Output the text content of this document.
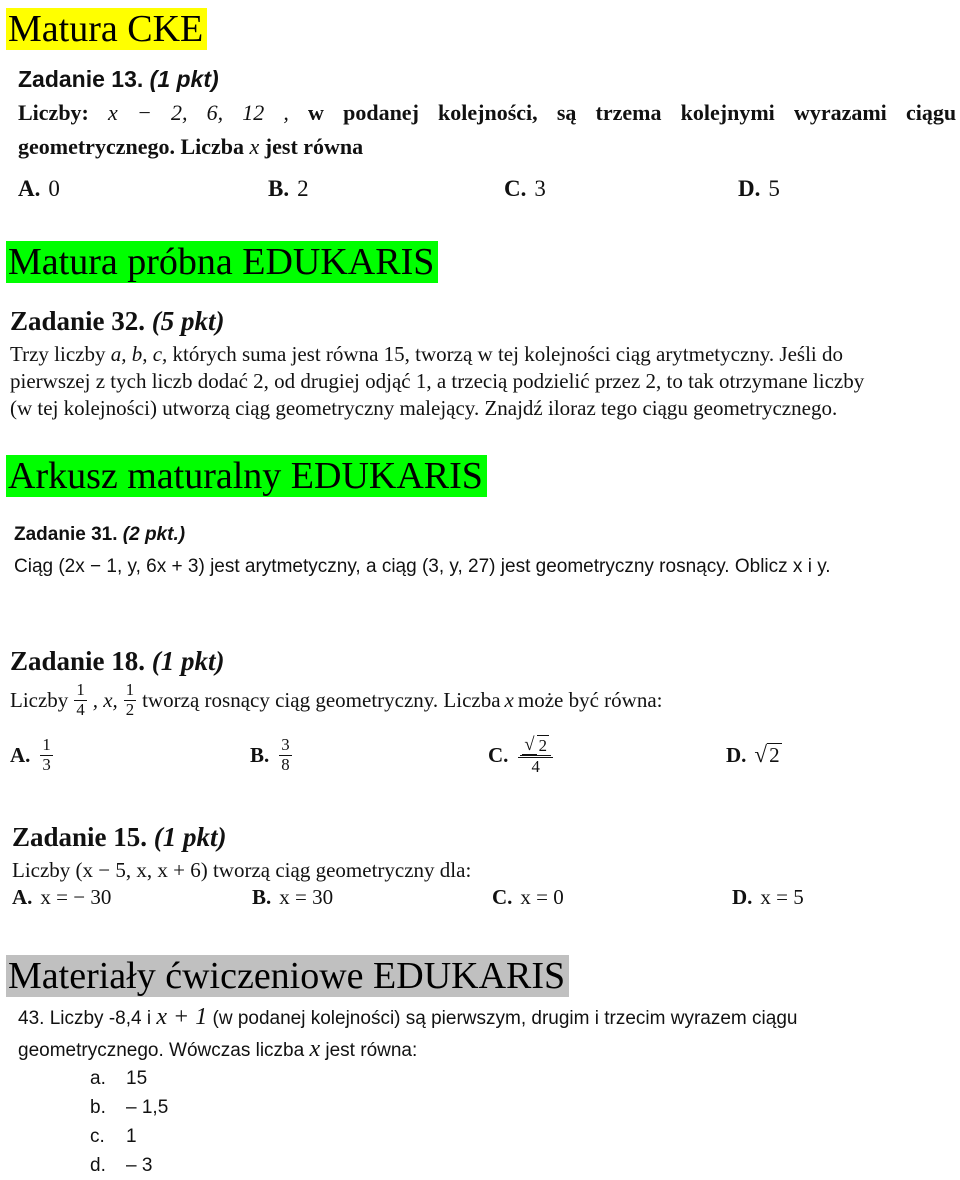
Matura CKE
Zadanie 13. (1 pkt)
Liczby: x − 2, 6, 12 , w podanej kolejności, są trzema kolejnymi wyrazami ciągu
geometrycznego. Liczba x jest równa
A. 0	B. 2	C. 3	D. 5
Matura próbna EDUKARIS
Zadanie 32. (5 pkt)
Trzy liczby a, b, c, których suma jest równa 15, tworzą w tej kolejności ciąg arytmetyczny. Jeśli do
pierwszej z tych liczb dodać 2, od drugiej odjąć 1, a trzecią podzielić przez 2, to tak otrzymane liczby
(w tej kolejności) utworzą ciąg geometryczny malejący. Znajdź iloraz tego ciągu geometrycznego.
Arkusz maturalny EDUKARIS
Zadanie 31. (2 pkt.)
Ciąg (2x − 1, y, 6x + 3) jest arytmetyczny, a ciąg (3, y, 27) jest geometryczny rosnący. Oblicz x i y.
Zadanie 18. (1 pkt)
Liczby $\frac{1}{4}$ , x, $\frac{1}{2}$ tworzą rosnący ciąg geometryczny. Liczba x może być równa:
A. $\frac{1}{3}$	B. $\frac{3}{8}$	C. $\frac{√ 2}{4}$	D. √ 2
Zadanie 15. (1 pkt)
Liczby (x − 5, x, x + 6) tworzą ciąg geometryczny dla:
A. x = − 30	B. x = 30	C. x = 0	D. x = 5
Materiały ćwiczeniowe EDUKARIS
43. Liczby -8,4 i x + 1 (w podanej kolejności) są pierwszym, drugim i trzecim wyrazem ciągu
geometrycznego. Wówczas liczba x jest równa:
a. 15
b. – 1,5
c. 1
d. – 3
